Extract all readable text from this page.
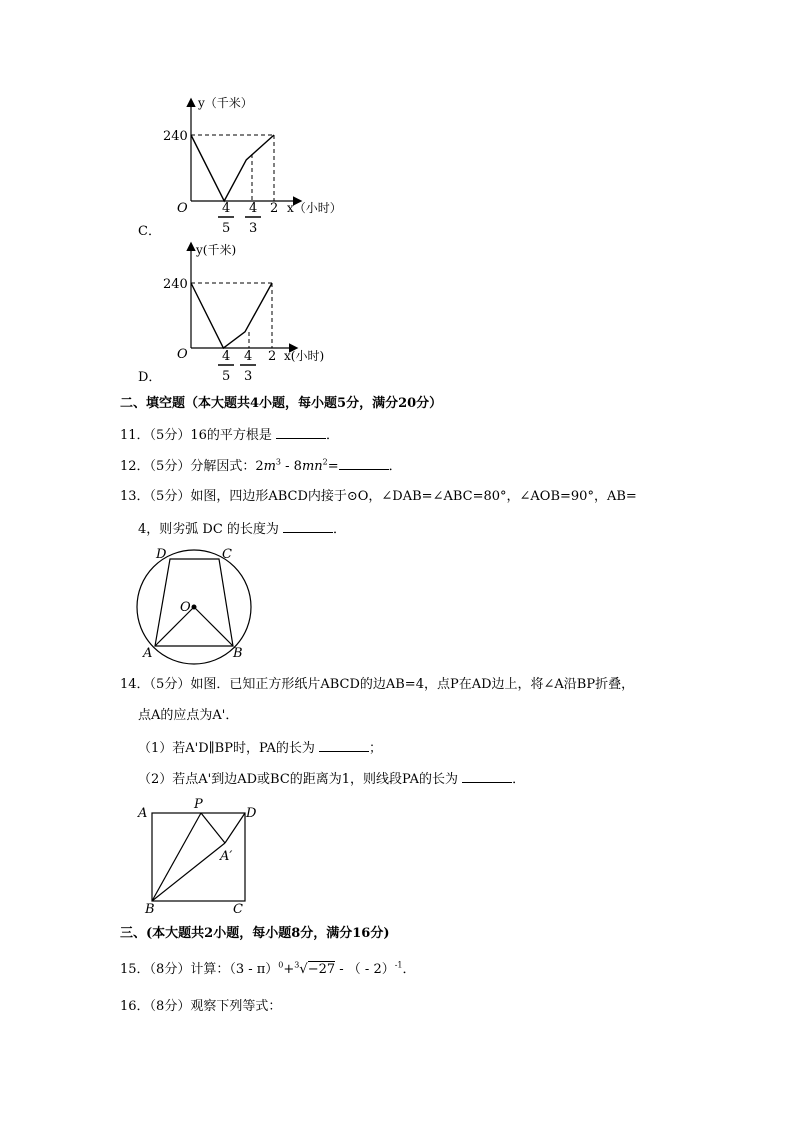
y（千米）
240
O	4
5
4
3
2 x（小时）
C．
y(千米)
240
O	4
5
4
3
2 x(小时)
D．
二、填空题（本大题共4小题，每小题5分，满分20分）
11．（5分）16的平方根是	．
12．（5分）分解因式：$2m^3 - 8mn^2=$	．
13．（5分）如图，四边形ABCD内接于⊙O，∠DAB=∠ABC=80°，∠AOB=90°，AB=
4，则劣弧 DC 的长度为	．
D	C
O
A	B
14．（5分）如图．已知正方形纸片ABCD的边AB=4，点P在AD边上，将∠A沿BP折叠，
点A的应点为A'．
（1）若A'D∥BP时，PA的长为	；
（2）若点A'到边AD或BC的距离为1，则线段PA的长为	．
A
P
D
A′
B	C
三、(本大题共2小题，每小题8分，满分16分)
15．（8分）计算：（3 - π）$^0$+$^3$√−27 - （ - 2）$^{-1}$．
16．（8分）观察下列等式：
